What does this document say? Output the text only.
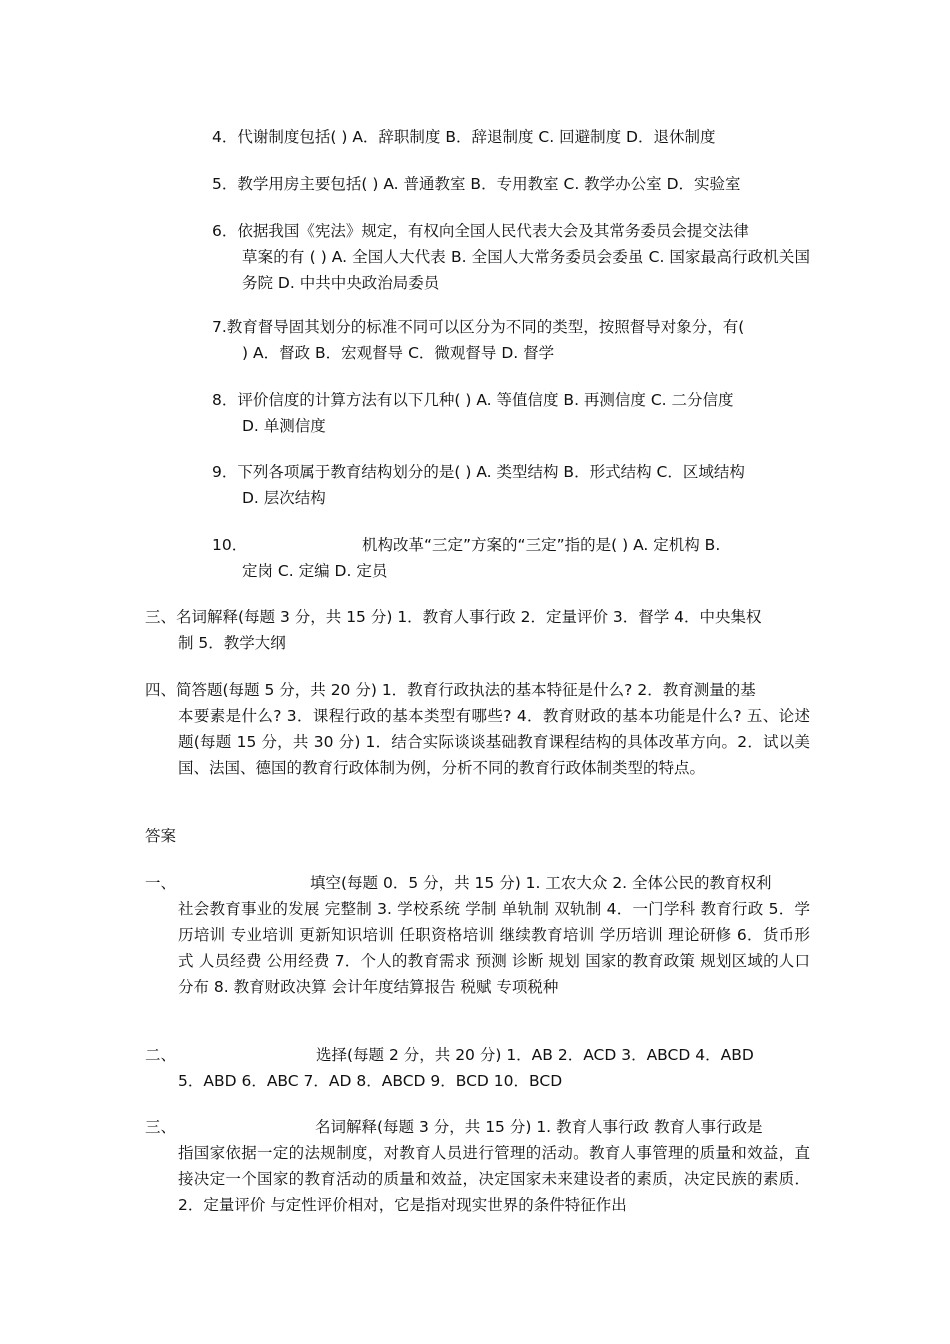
4．代谢制度包括( ) A．辞职制度 B．辞退制度 C. 回避制度 D．退休制度

5．教学用房主要包括( ) A. 普通教室 B．专用教室 C. 教学办公室 D．实验室

6．依据我国《宪法》规定，有权向全国人民代表大会及其常务委员会提交法律
草案的有 ( ) A. 全国人大代表 B. 全国人大常务委员会委虽 C. 国家最高行政机关国务院 D. 中共中央政治局委员

7.教育督导固其划分的标准不同可以区分为不同的类型，按照督导对象分，有(
) A．督政 B．宏观督导 C．微观督导 D. 督学

8．评价信度的计算方法有以下几种( ) A. 等值信度 B. 再测信度 C. 二分信度
D. 单测信度

9．下列各项属于教育结构划分的是( ) A. 类型结构 B．形式结构 C．区域结构
D. 层次结构

10．	机构改革“三定”方案的“三定”指的是( ) A. 定机构 B.
定岗 C. 定编 D. 定员

三、名词解释(每题 3 分，共 15 分) 1．教育人事行政 2．定量评价 3．督学 4．中央集权
制 5．教学大纲

四、简答题(每题 5 分，共 20 分) 1．教育行政执法的基本特征是什么? 2．教育测量的基
本要素是什么? 3．课程行政的基本类型有哪些? 4．教育财政的基本功能是什么? 五、论述题(每题 15 分，共 30 分) 1．结合实际谈谈基础教育课程结构的具体改革方向。2．试以美国、法国、德国的教育行政体制为例，分析不同的教育行政体制类型的特点。

答案

一、	填空(每题 0．5 分，共 15 分) 1. 工农大众 2. 全体公民的教育权利
社会教育事业的发展 完整制 3. 学校系统 学制 单轨制 双轨制 4．一门学科 教育行政 5．学历培训 专业培训 更新知识培训 任职资格培训 继续教育培训 学历培训 理论研修 6．货币形式 人员经费 公用经费 7．个人的教育需求 预测 诊断 规划 国家的教育政策 规划区域的人口分布 8. 教育财政决算 会计年度结算报告 税赋 专项税种

二、	选择(每题 2 分，共 20 分) 1．AB 2．ACD 3．ABCD 4．ABD
5．ABD 6．ABC 7．AD 8．ABCD 9．BCD 10．BCD

三、	名词解释(每题 3 分，共 15 分) 1. 教育人事行政 教育人事行政是
指国家依据一定的法规制度，对教育人员进行管理的活动。教育人事管理的质量和效益，直接决定一个国家的教育活动的质量和效益，决定国家未来建设者的素质，决定民族的素质．2．定量评价 与定性评价相对，它是指对现实世界的条件特征作出
